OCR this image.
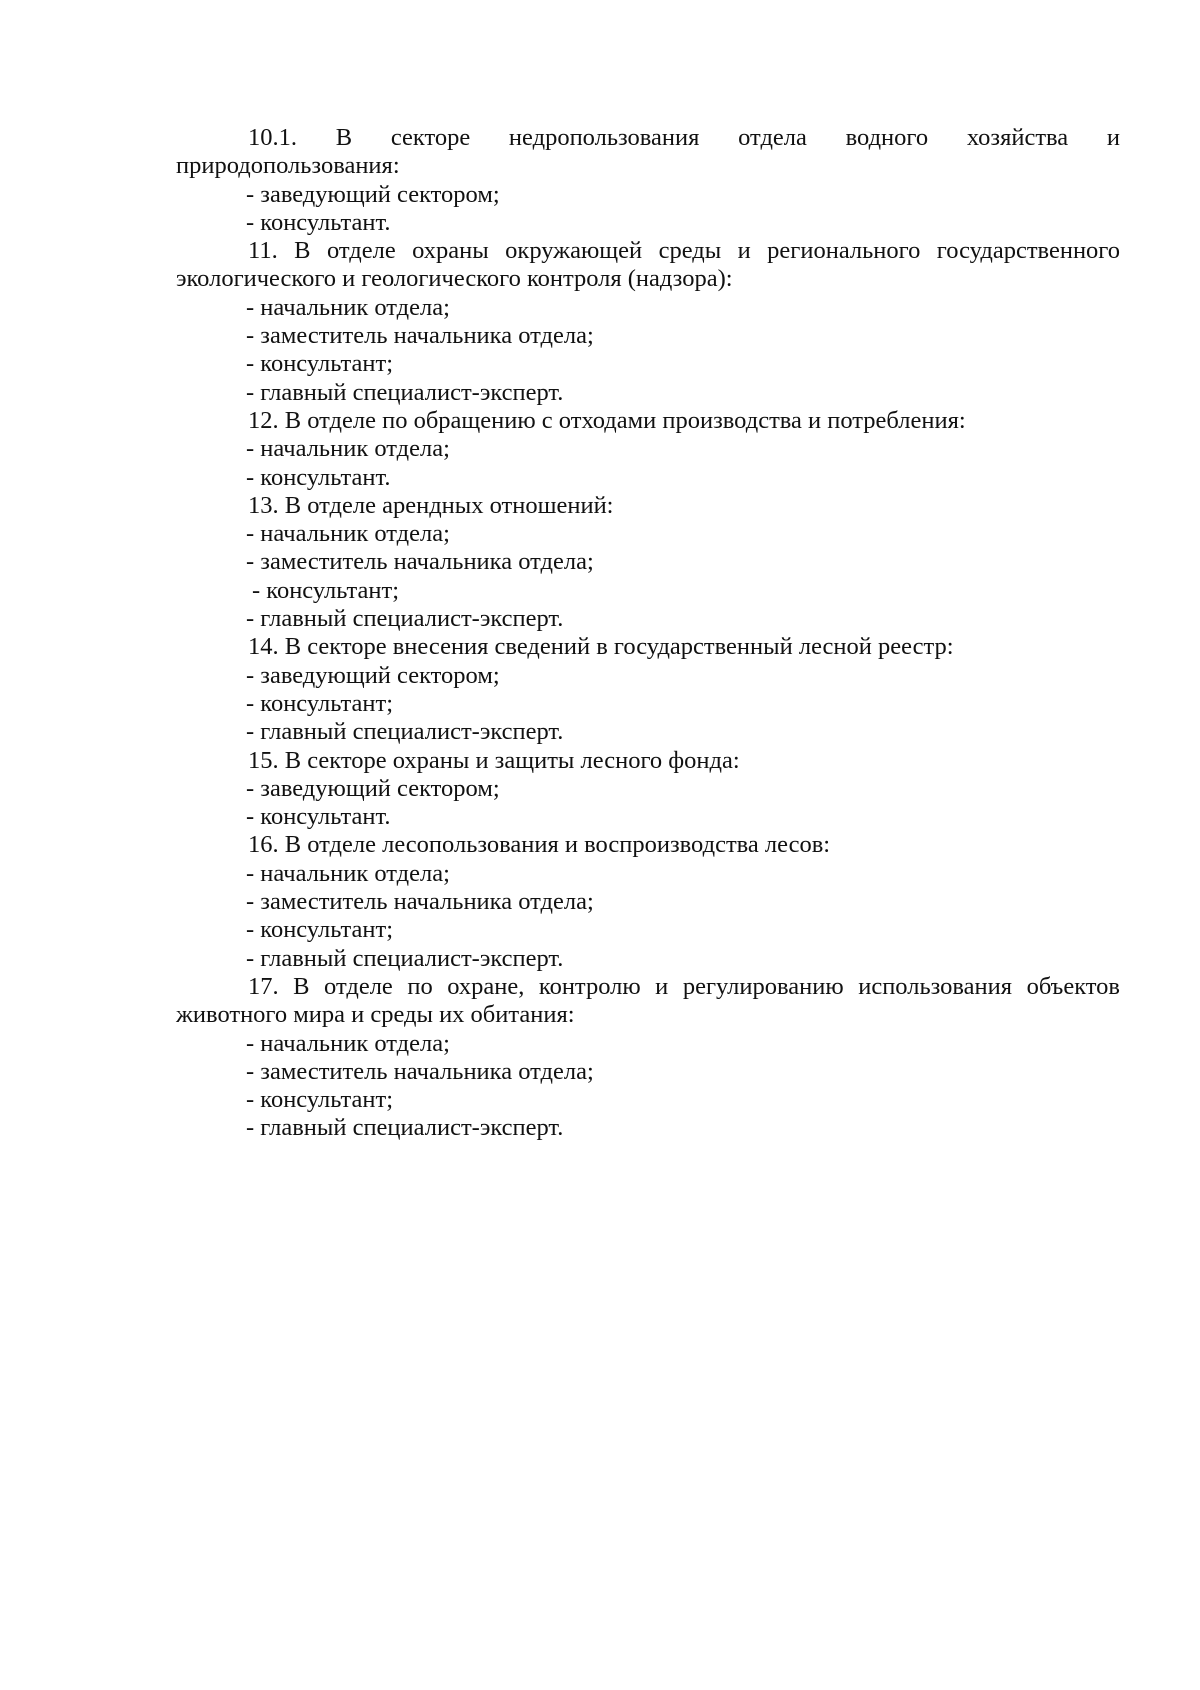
10.1. В секторе недропользования отдела водного хозяйства и

природопользования:

- заведующий сектором;
- консультант.

11. В отделе охраны окружающей среды и регионального государственного экологического и геологического контроля (надзора):

- начальник отдела;
- заместитель начальника отдела;
- консультант;
- главный специалист-эксперт.

12. В отделе по обращению с отходами производства и потребления:

- начальник отдела;
- консультант.

13. В отделе арендных отношений:

- начальник отдела;
- заместитель начальника отдела;
- консультант;
- главный специалист-эксперт.

14. В секторе внесения сведений в государственный лесной реестр:

- заведующий сектором;
- консультант;
- главный специалист-эксперт.

15. В секторе охраны и защиты лесного фонда:

- заведующий сектором;
- консультант.

16. В отделе лесопользования и воспроизводства лесов:

- начальник отдела;
- заместитель начальника отдела;
- консультант;
- главный специалист-эксперт.

17. В отделе по охране, контролю и регулированию использования объектов животного мира и среды их обитания:

- начальник отдела;
- заместитель начальника отдела;
- консультант;
- главный специалист-эксперт.
